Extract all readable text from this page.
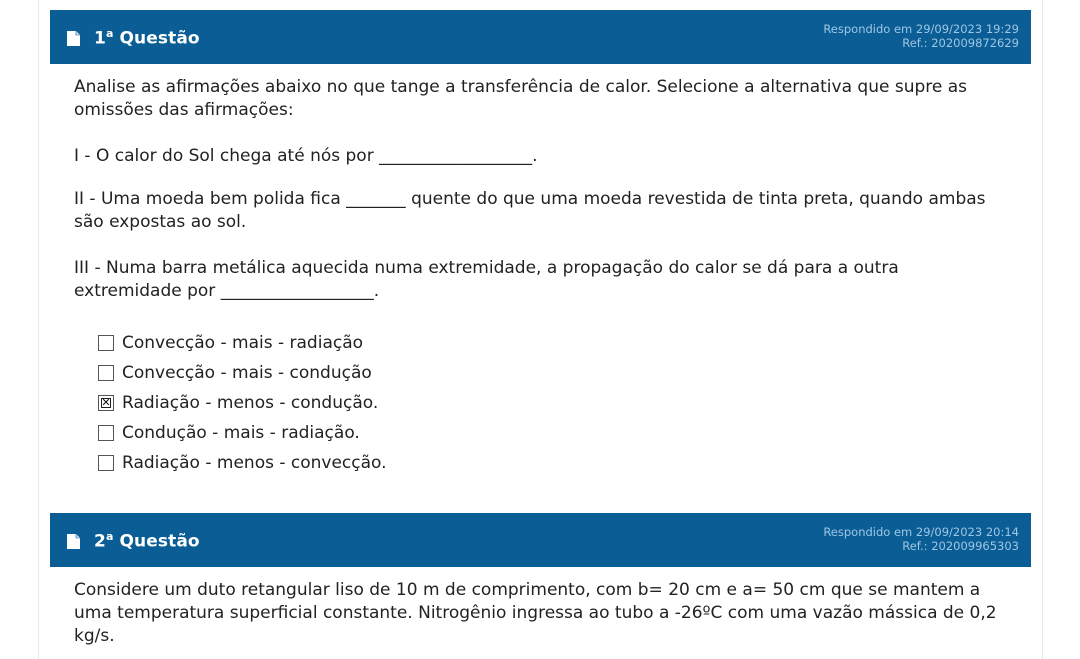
1$^a$ Questão	Respondido em 29/09/2023 19:29
Ref.: 202009872629

Analise as afirmações abaixo no que tange a transferência de calor. Selecione a alternativa que supre as omissões das afirmações:

I - O calor do Sol chega até nós por __________________.

II - Uma moeda bem polida fica _______ quente do que uma moeda revestida de tinta preta, quando ambas são expostas ao sol.

III - Numa barra metálica aquecida numa extremidade, a propagação do calor se dá para a outra extremidade por __________________.

Convecção - mais - radiação
Convecção - mais - condução
✕
Radiação - menos - condução.
Condução - mais - radiação.
Radiação - menos - convecção.
2$^a$ Questão	Respondido em 29/09/2023 20:14
Ref.: 202009965303

Considere um duto retangular liso de 10 m de comprimento, com b= 20 cm e a= 50 cm que se mantem a uma temperatura superficial constante. Nitrogênio ingressa ao tubo a -26ºC com uma vazão mássica de 0,2 kg/s.
